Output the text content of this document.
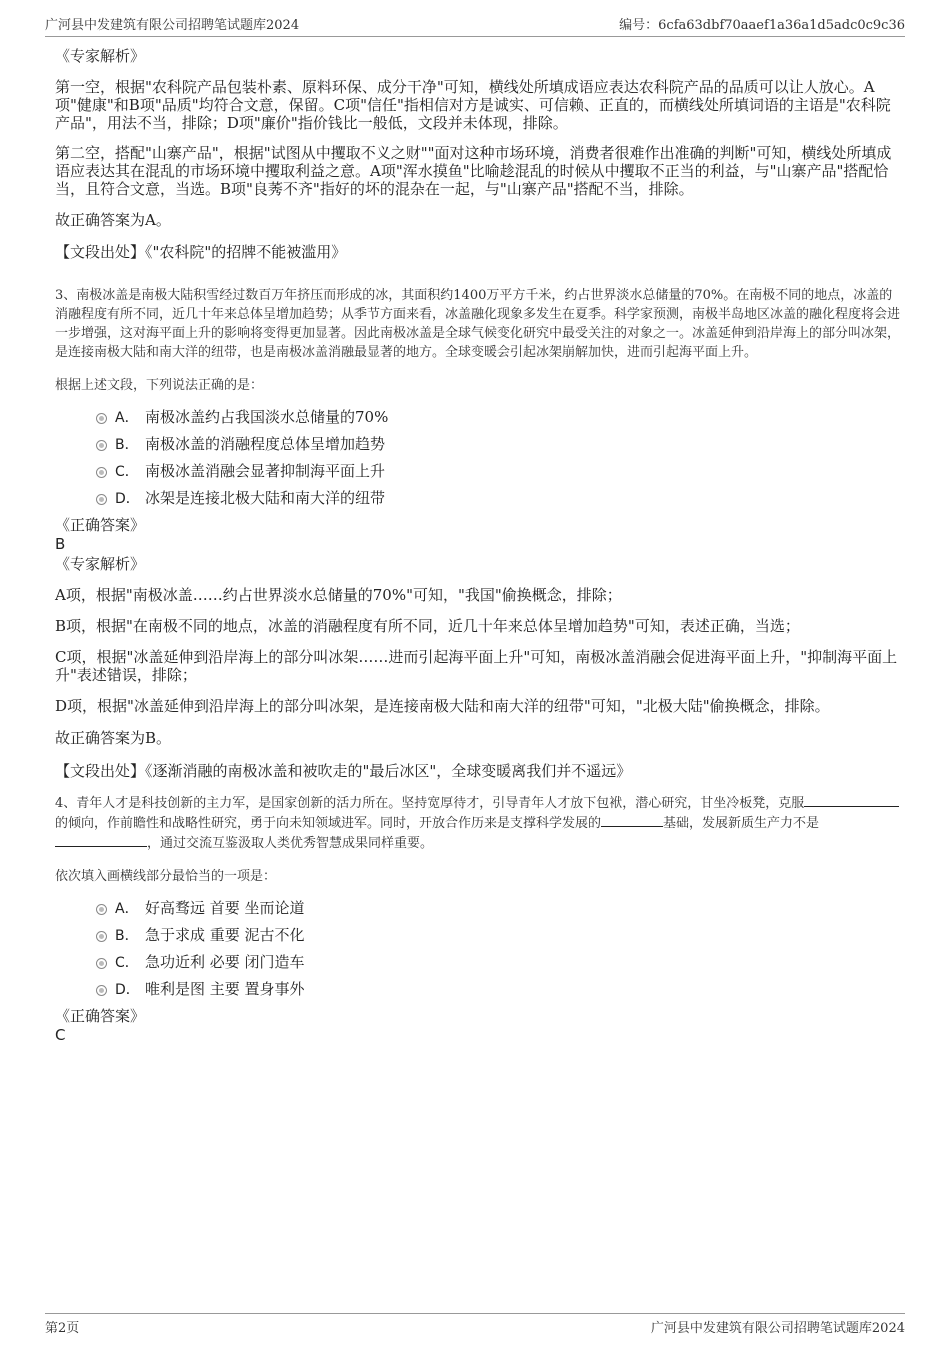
广河县中发建筑有限公司招聘笔试题库2024	编号：6cfa63dbf70aaef1a36a1d5adc0c9c36

《专家解析》

第一空，根据"农科院产品包装朴素、原料环保、成分干净"可知，横线处所填成语应表达农科院产品的品质可以让人放心。A项"健康"和B项"品质"均符合文意，保留。C项"信任"指相信对方是诚实、可信赖、正直的，而横线处所填词语的主语是"农科院产品"，用法不当，排除；D项"廉价"指价钱比一般低，文段并未体现，排除。

第二空，搭配"山寨产品"，根据"试图从中攫取不义之财""面对这种市场环境，消费者很难作出准确的判断"可知，横线处所填成语应表达其在混乱的市场环境中攫取利益之意。A项"浑水摸鱼"比喻趁混乱的时候从中攫取不正当的利益，与"山寨产品"搭配恰当，且符合文意，当选。B项"良莠不齐"指好的坏的混杂在一起，与"山寨产品"搭配不当，排除。

故正确答案为A。

【文段出处】《"农科院"的招牌不能被滥用》

3、南极冰盖是南极大陆积雪经过数百万年挤压而形成的冰，其面积约1400万平方千米，约占世界淡水总储量的70%。在南极不同的地点，冰盖的消融程度有所不同，近几十年来总体呈增加趋势；从季节方面来看，冰盖融化现象多发生在夏季。科学家预测，南极半岛地区冰盖的融化程度将会进一步增强，这对海平面上升的影响将变得更加显著。因此南极冰盖是全球气候变化研究中最受关注的对象之一。冰盖延伸到沿岸海上的部分叫冰架，是连接南极大陆和南大洋的纽带，也是南极冰盖消融最显著的地方。全球变暖会引起冰架崩解加快，进而引起海平面上升。

根据上述文段，下列说法正确的是：

A． 南极冰盖约占我国淡水总储量的70%
B． 南极冰盖的消融程度总体呈增加趋势
C． 南极冰盖消融会显著抑制海平面上升
D． 冰架是连接北极大陆和南大洋的纽带

《正确答案》

B

《专家解析》

A项，根据"南极冰盖……约占世界淡水总储量的70%"可知，"我国"偷换概念，排除；

B项，根据"在南极不同的地点，冰盖的消融程度有所不同，近几十年来总体呈增加趋势"可知，表述正确，当选；

C项，根据"冰盖延伸到沿岸海上的部分叫冰架……进而引起海平面上升"可知，南极冰盖消融会促进海平面上升，"抑制海平面上升"表述错误，排除；

D项，根据"冰盖延伸到沿岸海上的部分叫冰架，是连接南极大陆和南大洋的纽带"可知，"北极大陆"偷换概念，排除。

故正确答案为B。

【文段出处】《逐渐消融的南极冰盖和被吹走的"最后冰区"，全球变暖离我们并不遥远》

4、青年人才是科技创新的主力军，是国家创新的活力所在。坚持宽厚待才，引导青年人才放下包袱，潜心研究，甘坐冷板凳，克服的倾向，作前瞻性和战略性研究，勇于向未知领域进军。同时，开放合作历来是支撑科学发展的	基础，发展新质生产力不是，通过交流互鉴汲取人类优秀智慧成果同样重要。

依次填入画横线部分最恰当的一项是：

A． 好高骛远 首要 坐而论道
B． 急于求成 重要 泥古不化
C． 急功近利 必要 闭门造车
D． 唯利是图 主要 置身事外

《正确答案》

C

第2页	广河县中发建筑有限公司招聘笔试题库2024
